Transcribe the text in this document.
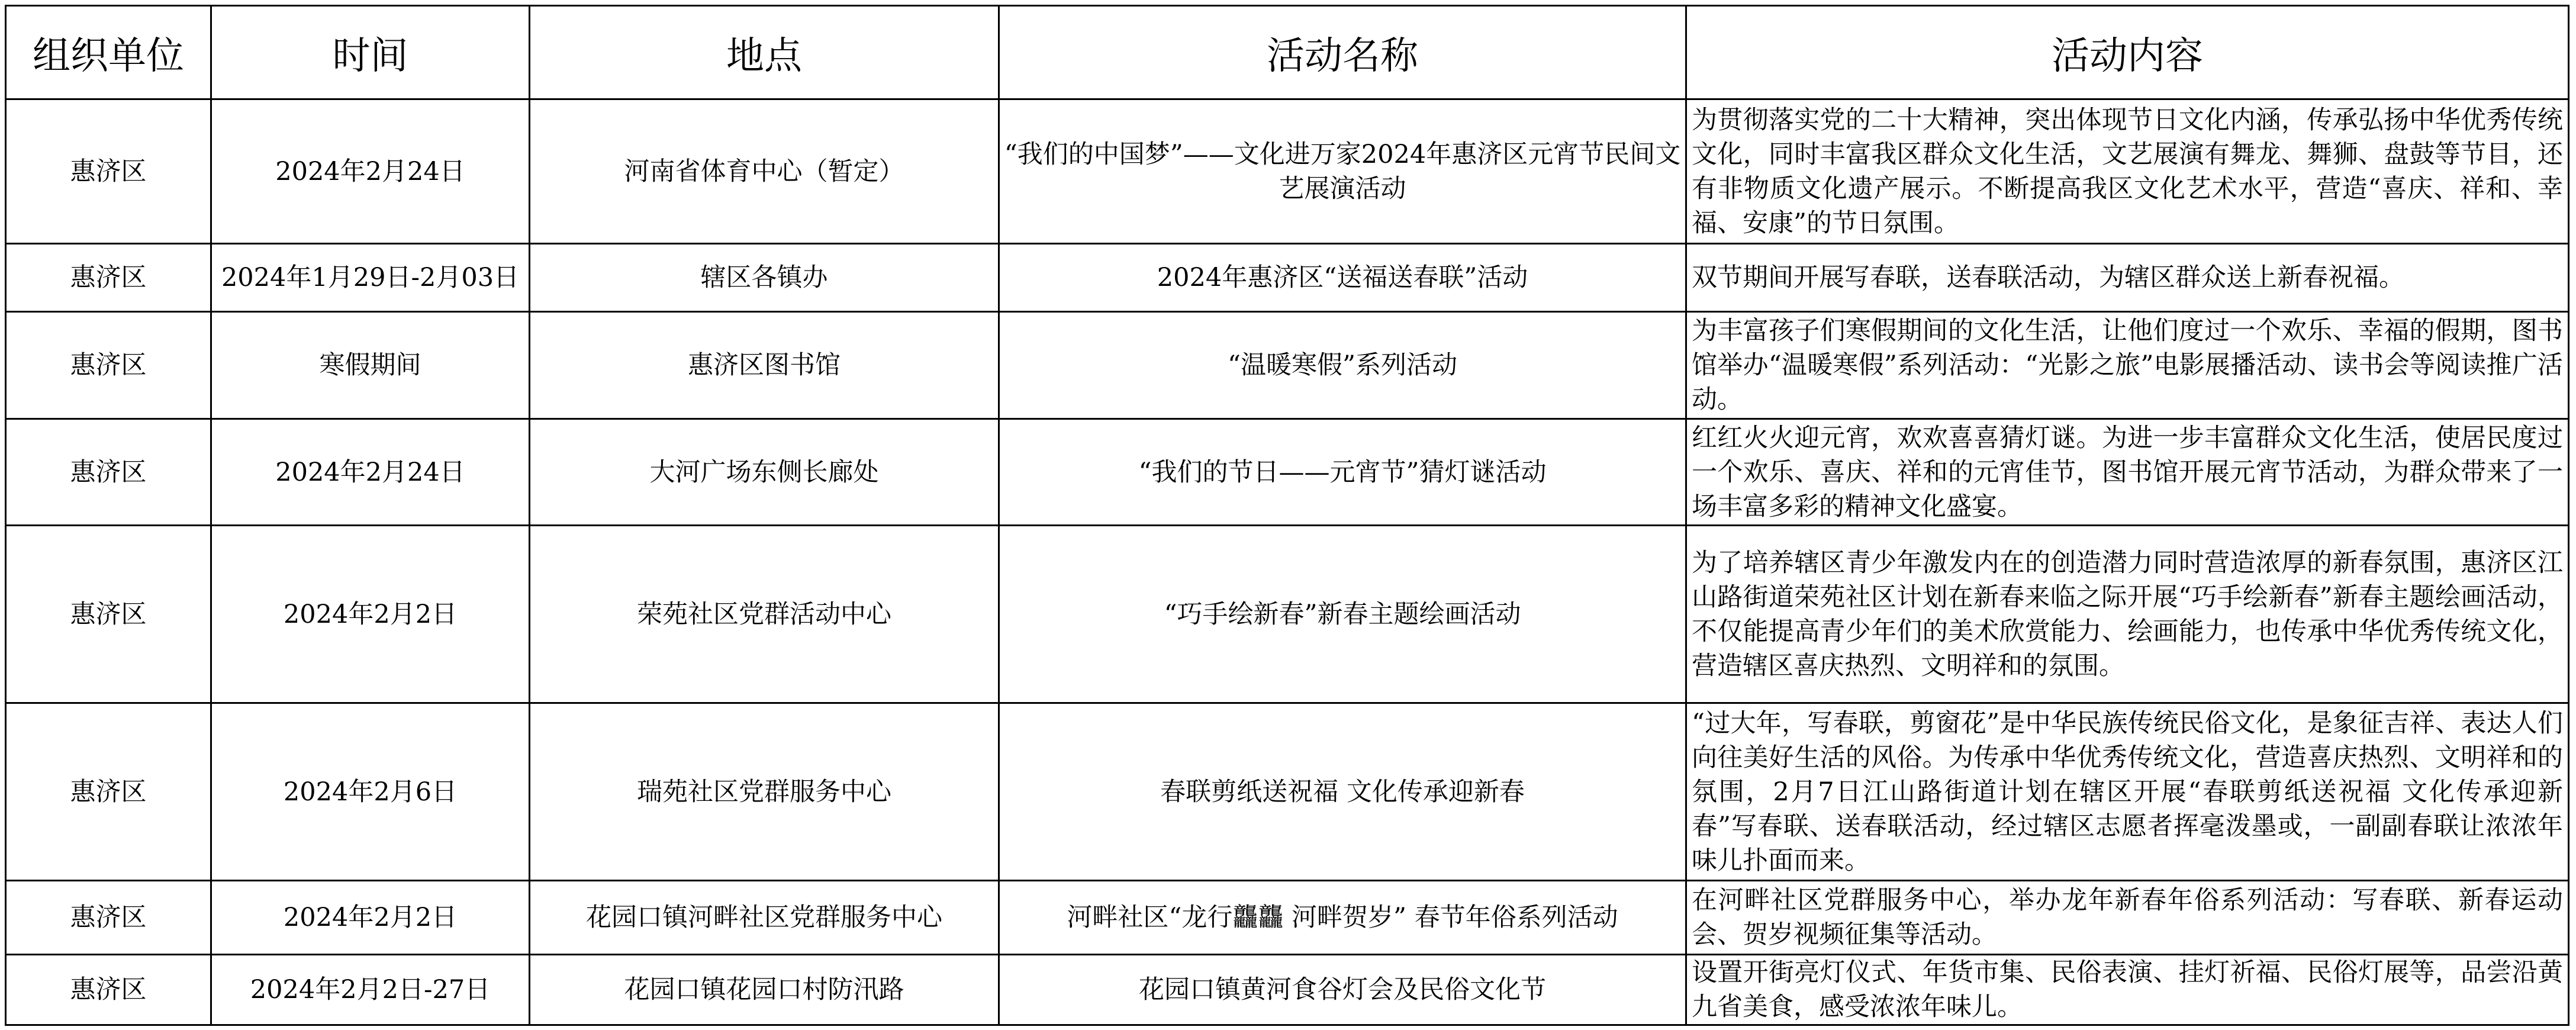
组织单位	时间	地点	活动名称	活动内容
惠济区	2024年2月24日	河南省体育中心（暂定）	“我们的中国梦”——文化进万家2024年惠济区元宵节民间文艺展演活动	为贯彻落实党的二十大精神，突出体现节日文化内涵，传承弘扬中华优秀传统文化，同时丰富我区群众文化生活，文艺展演有舞龙、舞狮、盘鼓等节目，还有非物质文化遗产展示。不断提高我区文化艺术水平，营造“喜庆、祥和、幸福、安康”的节日氛围。
惠济区	2024年1月29日-2月03日	辖区各镇办	2024年惠济区“送福送春联”活动	双节期间开展写春联，送春联活动，为辖区群众送上新春祝福。
惠济区	寒假期间	惠济区图书馆	“温暖寒假”系列活动	为丰富孩子们寒假期间的文化生活，让他们度过一个欢乐、幸福的假期，图书馆举办“温暖寒假”系列活动：“光影之旅”电影展播活动、读书会等阅读推广活动。
惠济区	2024年2月24日	大河广场东侧长廊处	“我们的节日——元宵节”猜灯谜活动	红红火火迎元宵，欢欢喜喜猜灯谜。为进一步丰富群众文化生活，使居民度过一个欢乐、喜庆、祥和的元宵佳节，图书馆开展元宵节活动，为群众带来了一场丰富多彩的精神文化盛宴。
惠济区	2024年2月2日	荣苑社区党群活动中心	“巧手绘新春”新春主题绘画活动	为了培养辖区青少年激发内在的创造潜力同时营造浓厚的新春氛围，惠济区江山路街道荣苑社区计划在新春来临之际开展“巧手绘新春”新春主题绘画活动，不仅能提高青少年们的美术欣赏能力、绘画能力，也传承中华优秀传统文化，营造辖区喜庆热烈、文明祥和的氛围。
惠济区	2024年2月6日	瑞苑社区党群服务中心	春联剪纸送祝福 文化传承迎新春	“过大年，写春联，剪窗花”是中华民族传统民俗文化，是象征吉祥、表达人们向往美好生活的风俗。为传承中华优秀传统文化，营造喜庆热烈、文明祥和的氛围，2月7日江山路街道计划在辖区开展“春联剪纸送祝福 文化传承迎新春”写春联、送春联活动，经过辖区志愿者挥毫泼墨或，一副副春联让浓浓年味儿扑面而来。
惠济区	2024年2月2日	花园口镇河畔社区党群服务中心	河畔社区“龙行龘龘 河畔贺岁” 春节年俗系列活动	在河畔社区党群服务中心，举办龙年新春年俗系列活动：写春联、新春运动会、贺岁视频征集等活动。
惠济区	2024年2月2日-27日	花园口镇花园口村防汛路	花园口镇黄河食谷灯会及民俗文化节	设置开街亮灯仪式、年货市集、民俗表演、挂灯祈福、民俗灯展等，品尝沿黄九省美食，感受浓浓年味儿。
